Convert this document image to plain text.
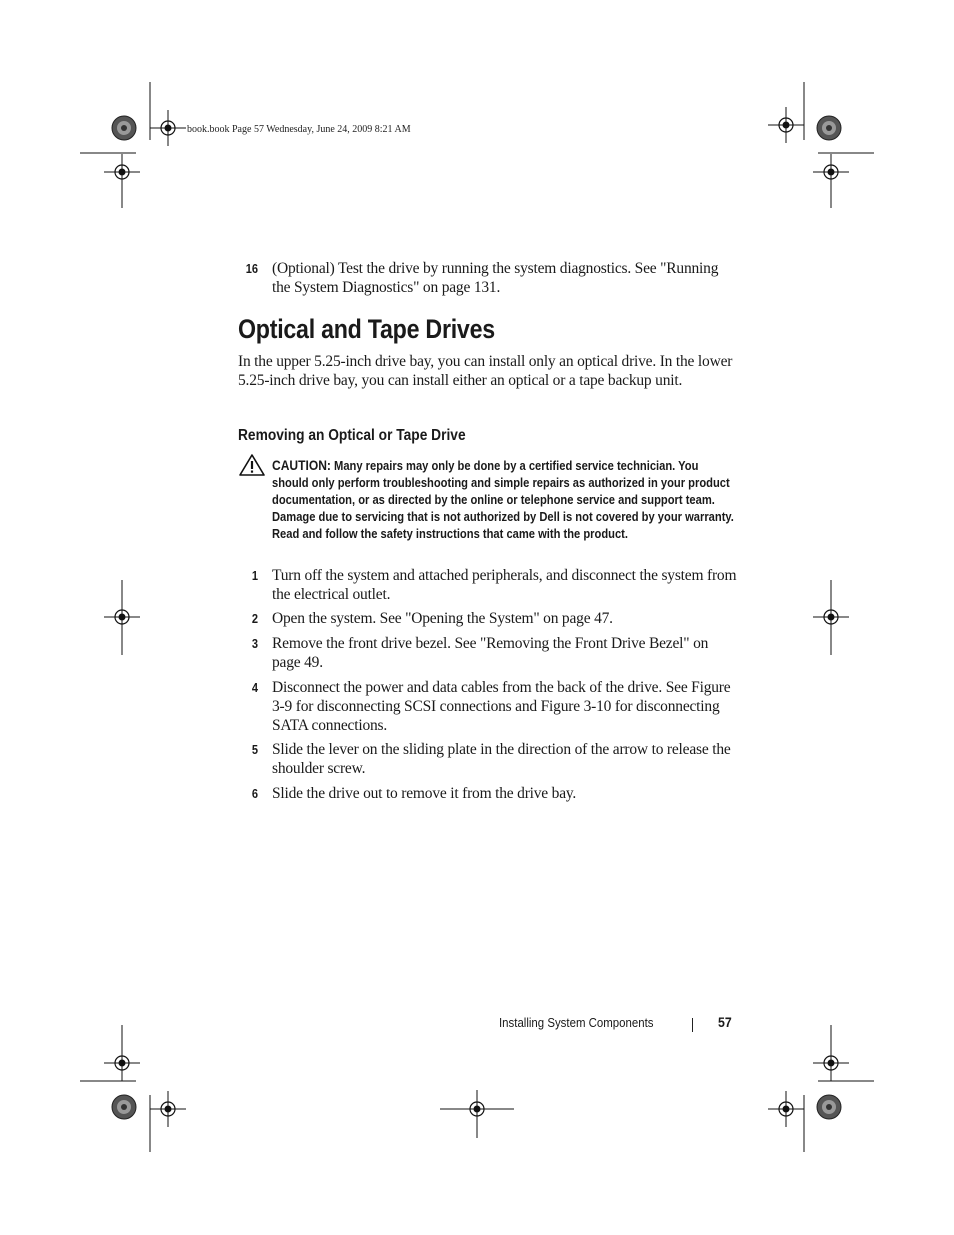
book.book Page 57 Wednesday, June 24, 2009 8:21 AM
16 (Optional) Test the drive by running the system diagnostics. See "Running the System Diagnostics" on page 131.
Optical and Tape Drives
In the upper 5.25-inch drive bay, you can install only an optical drive. In the lower 5.25-inch drive bay, you can install either an optical or a tape backup unit.
Removing an Optical or Tape Drive
CAUTION: Many repairs may only be done by a certified service technician. You should only perform troubleshooting and simple repairs as authorized in your product documentation, or as directed by the online or telephone service and support team. Damage due to servicing that is not authorized by Dell is not covered by your warranty. Read and follow the safety instructions that came with the product.
1 Turn off the system and attached peripherals, and disconnect the system from the electrical outlet.
2 Open the system. See "Opening the System" on page 47.
3 Remove the front drive bezel. See "Removing the Front Drive Bezel" on page 49.
4 Disconnect the power and data cables from the back of the drive. See Figure 3-9 for disconnecting SCSI connections and Figure 3-10 for disconnecting SATA connections.
5 Slide the lever on the sliding plate in the direction of the arrow to release the shoulder screw.
6 Slide the drive out to remove it from the drive bay.
Installing System Components	57
